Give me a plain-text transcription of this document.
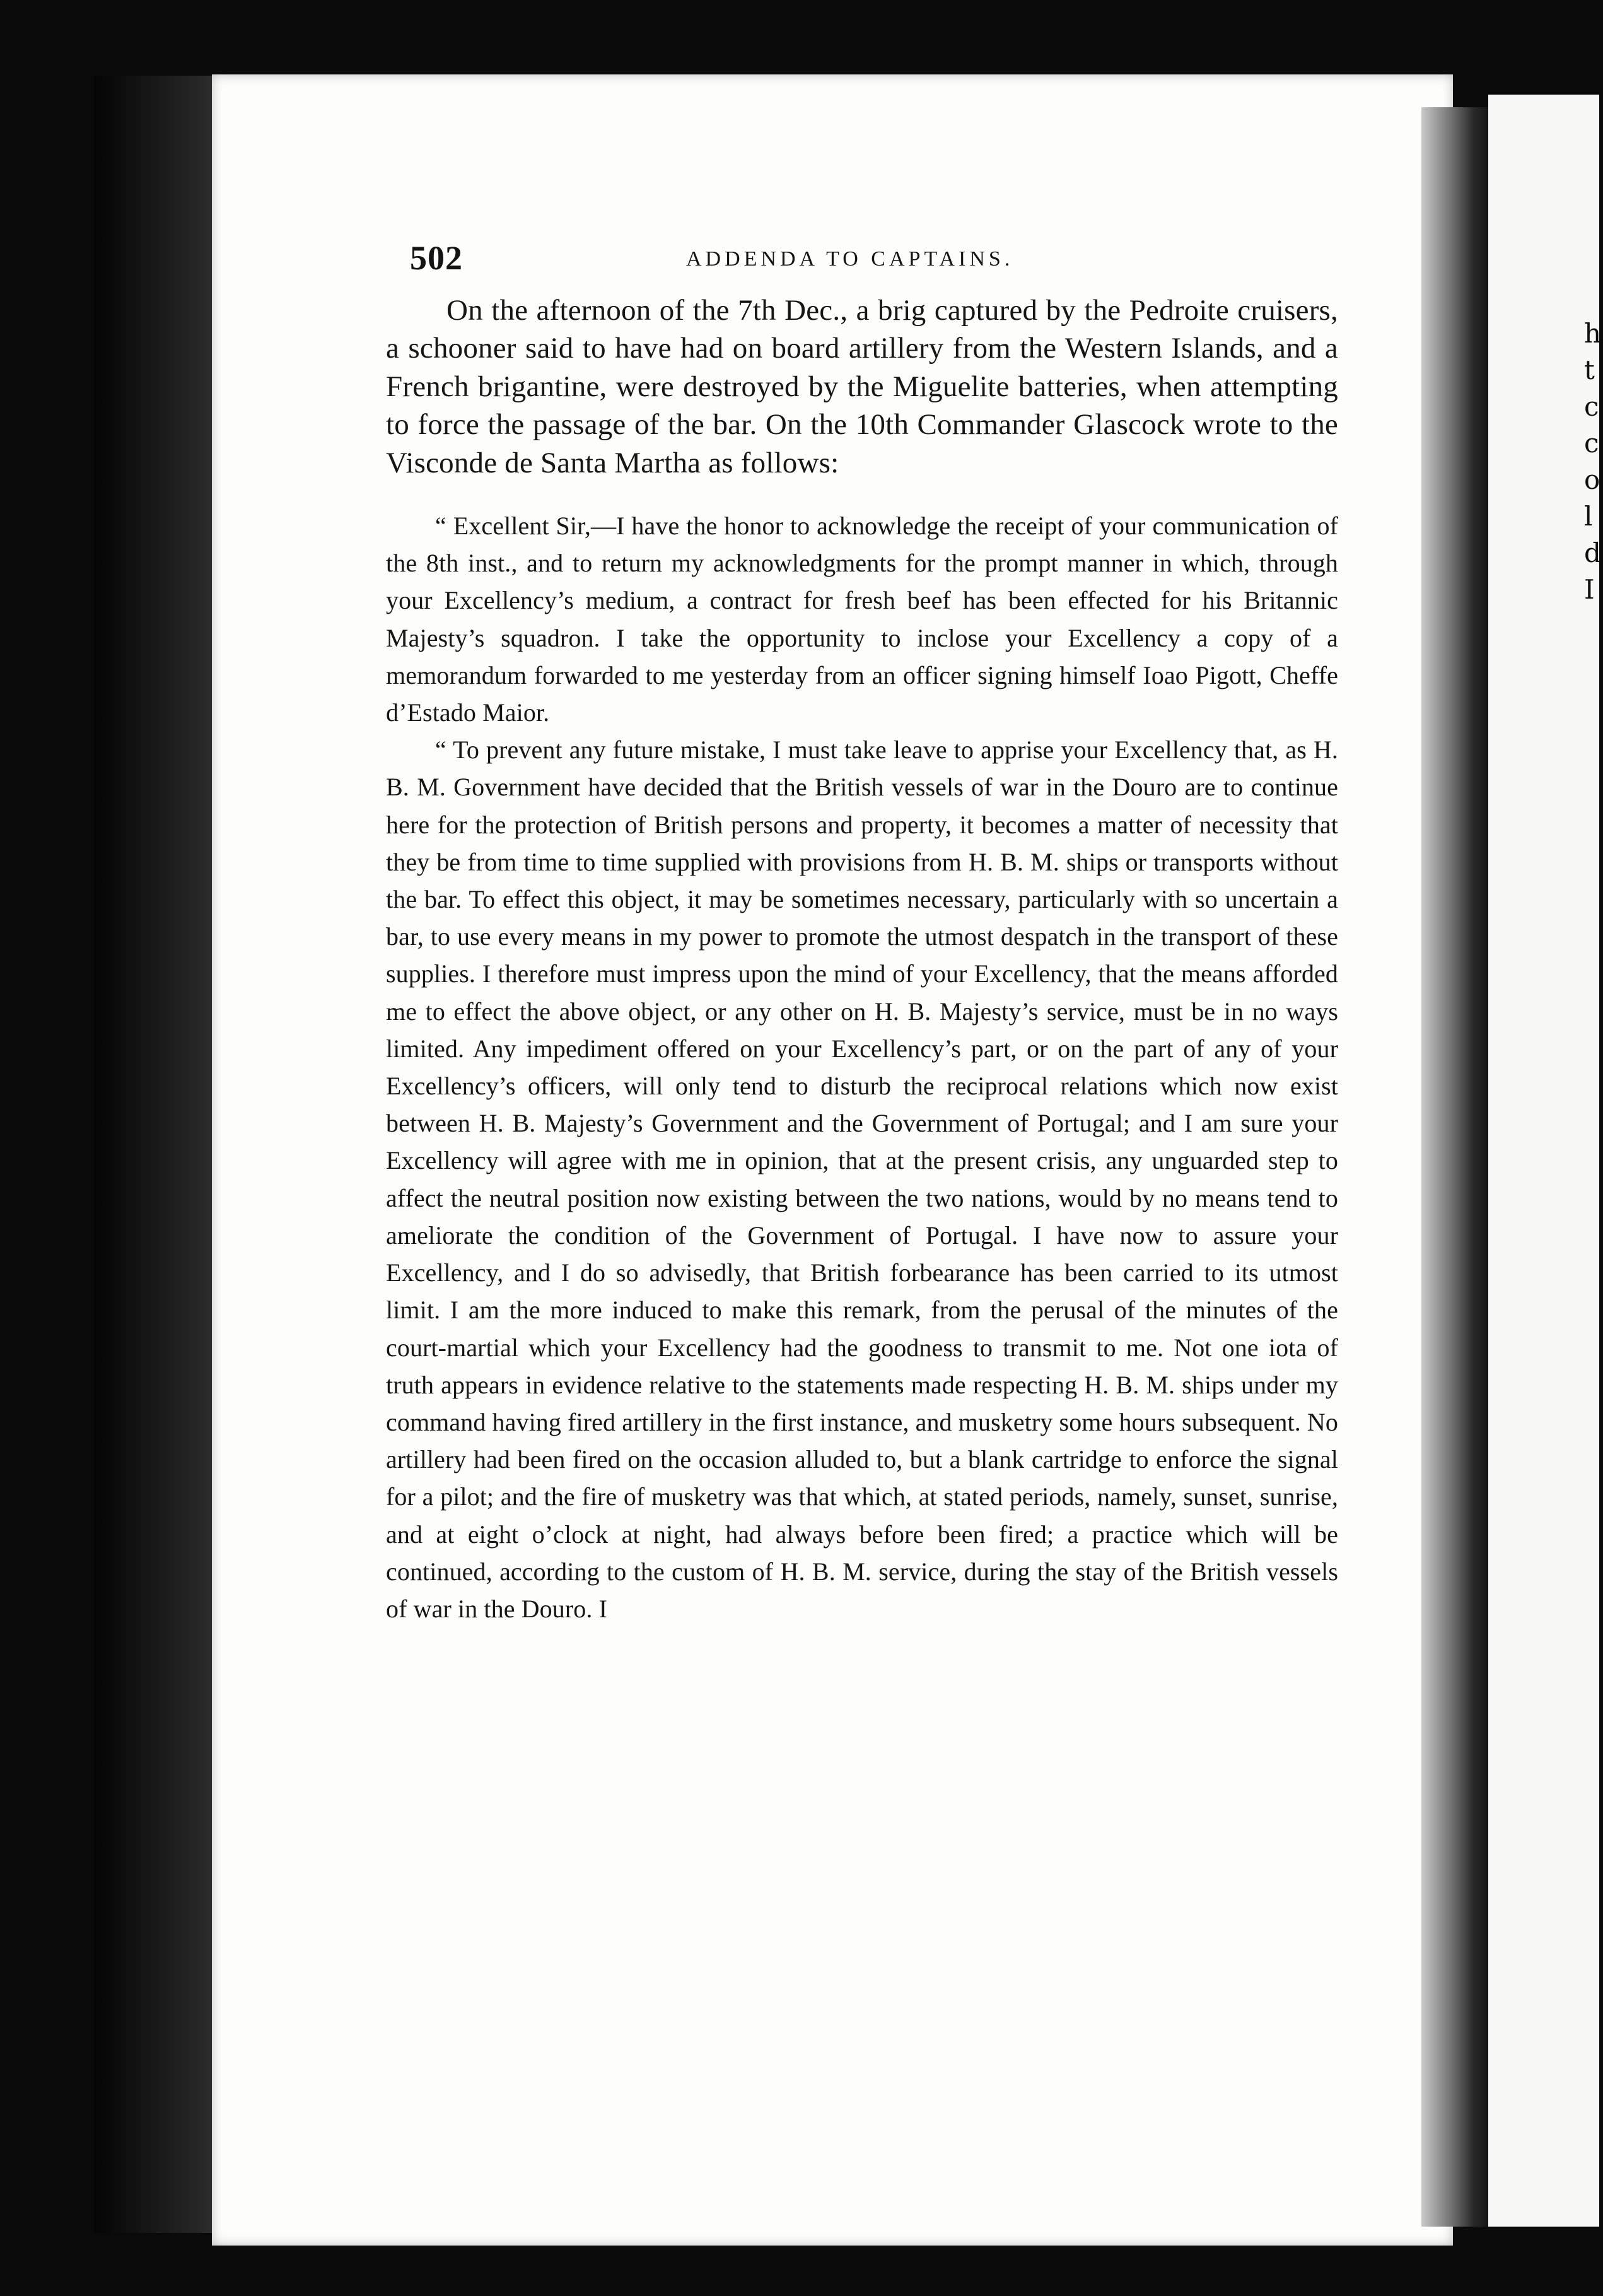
h
t
c
c
o
l
d
I
502	ADDENDA TO CAPTAINS.

On the afternoon of the 7th Dec., a brig captured by the Pedroite cruisers, a schooner said to have had on board artillery from the Western Islands, and a French brigantine, were destroyed by the Miguelite batteries, when attempting to force the passage of the bar. On the 10th Commander Glascock wrote to the Visconde de Santa Martha as follows:

“ Excellent Sir,—I have the honor to acknowledge the receipt of your communication of the 8th inst., and to return my acknowledgments for the prompt manner in which, through your Excellency’s medium, a contract for fresh beef has been effected for his Britannic Majesty’s squadron. I take the opportunity to inclose your Excellency a copy of a memorandum forwarded to me yesterday from an officer signing himself Ioao Pigott, Cheffe d’Estado Maior.

“ To prevent any future mistake, I must take leave to apprise your Excellency that, as H. B. M. Government have decided that the British vessels of war in the Douro are to continue here for the protection of British persons and property, it becomes a matter of necessity that they be from time to time supplied with provisions from H. B. M. ships or transports without the bar. To effect this object, it may be sometimes necessary, particularly with so uncertain a bar, to use every means in my power to promote the utmost despatch in the transport of these supplies. I therefore must impress upon the mind of your Excellency, that the means afforded me to effect the above object, or any other on H. B. Majesty’s service, must be in no ways limited. Any impediment offered on your Excellency’s part, or on the part of any of your Excellency’s officers, will only tend to disturb the reciprocal relations which now exist between H. B. Majesty’s Government and the Government of Portugal; and I am sure your Excellency will agree with me in opinion, that at the present crisis, any unguarded step to affect the neutral position now existing between the two nations, would by no means tend to ameliorate the condition of the Government of Portugal. I have now to assure your Excellency, and I do so advisedly, that British forbearance has been carried to its utmost limit. I am the more induced to make this remark, from the perusal of the minutes of the court-martial which your Excellency had the goodness to transmit to me. Not one iota of truth appears in evidence relative to the statements made respecting H. B. M. ships under my command having fired artillery in the first instance, and musketry some hours subsequent. No artillery had been fired on the occasion alluded to, but a blank cartridge to enforce the signal for a pilot; and the fire of musketry was that which, at stated periods, namely, sunset, sunrise, and at eight o’clock at night, had always before been fired; a practice which will be continued, according to the custom of H. B. M. service, during the stay of the British vessels of war in the Douro. I
